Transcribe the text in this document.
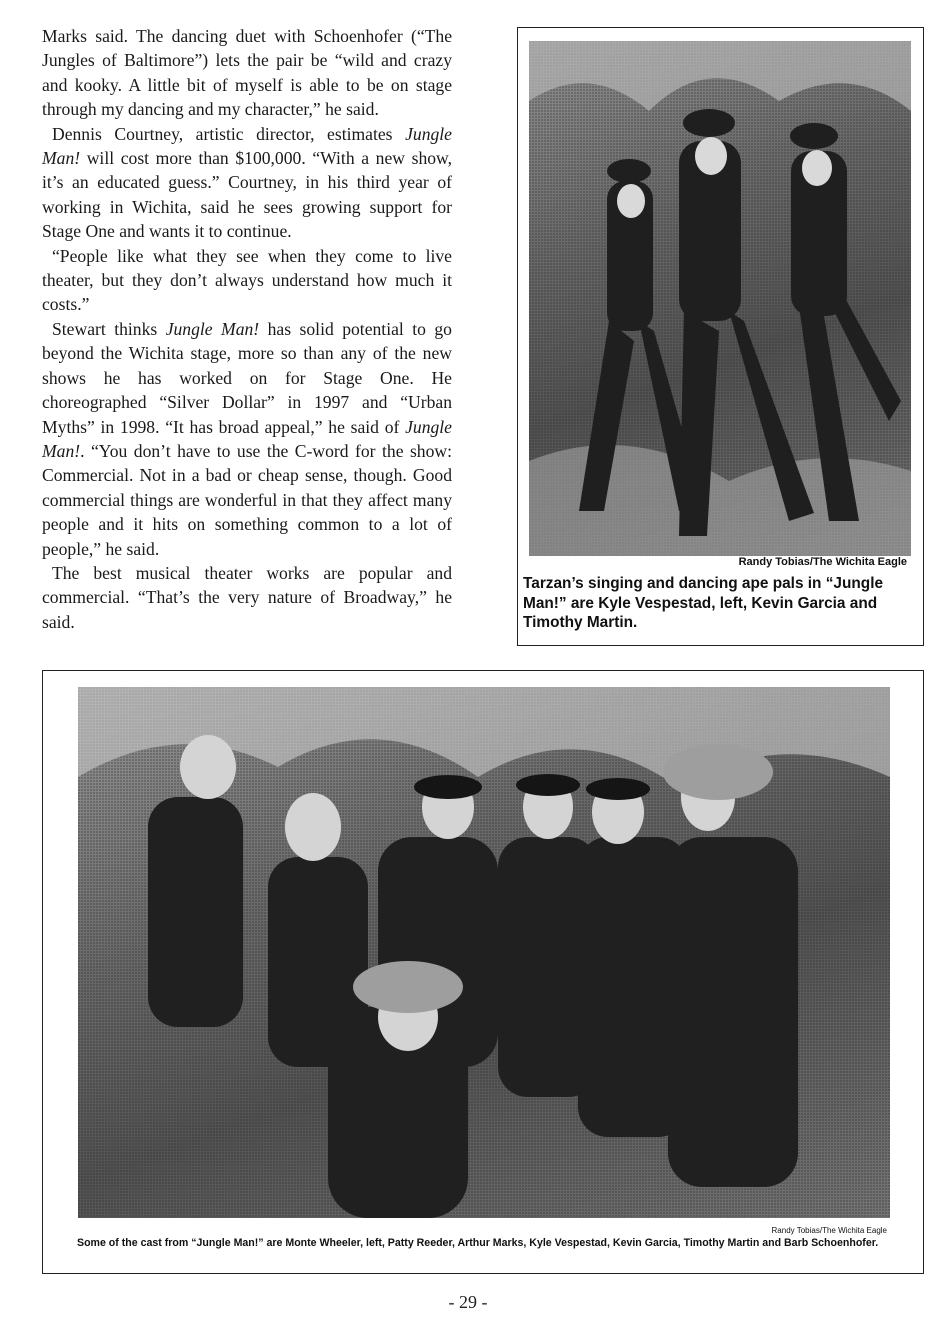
Marks said. The dancing duet with Schoenhofer (“The Jungles of Baltimore”) lets the pair be “wild and crazy and kooky. A little bit of myself is able to be on stage through my dancing and my character,” he said.

Dennis Courtney, artistic director, estimates Jungle Man! will cost more than $100,000. “With a new show, it’s an educated guess.” Courtney, in his third year of working in Wichita, said he sees growing support for Stage One and wants it to continue.

“People like what they see when they come to live theater, but they don’t always understand how much it costs.”

Stewart thinks Jungle Man! has solid potential to go beyond the Wichita stage, more so than any of the new shows he has worked on for Stage One. He choreographed “Silver Dollar” in 1997 and “Urban Myths” in 1998. “It has broad appeal,” he said of Jungle Man!. “You don’t have to use the C-word for the show: Commercial. Not in a bad or cheap sense, though. Good commercial things are wonderful in that they affect many people and it hits on something common to a lot of people,” he said.

The best musical theater works are popular and commercial. “That’s the very nature of Broadway,” he said.

Randy Tobias/The Wichita Eagle
Tarzan’s singing and dancing ape pals in “Jungle Man!” are Kyle Vespestad, left, Kevin Garcia and Timothy Martin.
Randy Tobias/The Wichita Eagle
Some of the cast from “Jungle Man!” are Monte Wheeler, left, Patty Reeder, Arthur Marks, Kyle Vespestad, Kevin Garcia, Timothy Martin and Barb Schoenhofer.
- 29 -
